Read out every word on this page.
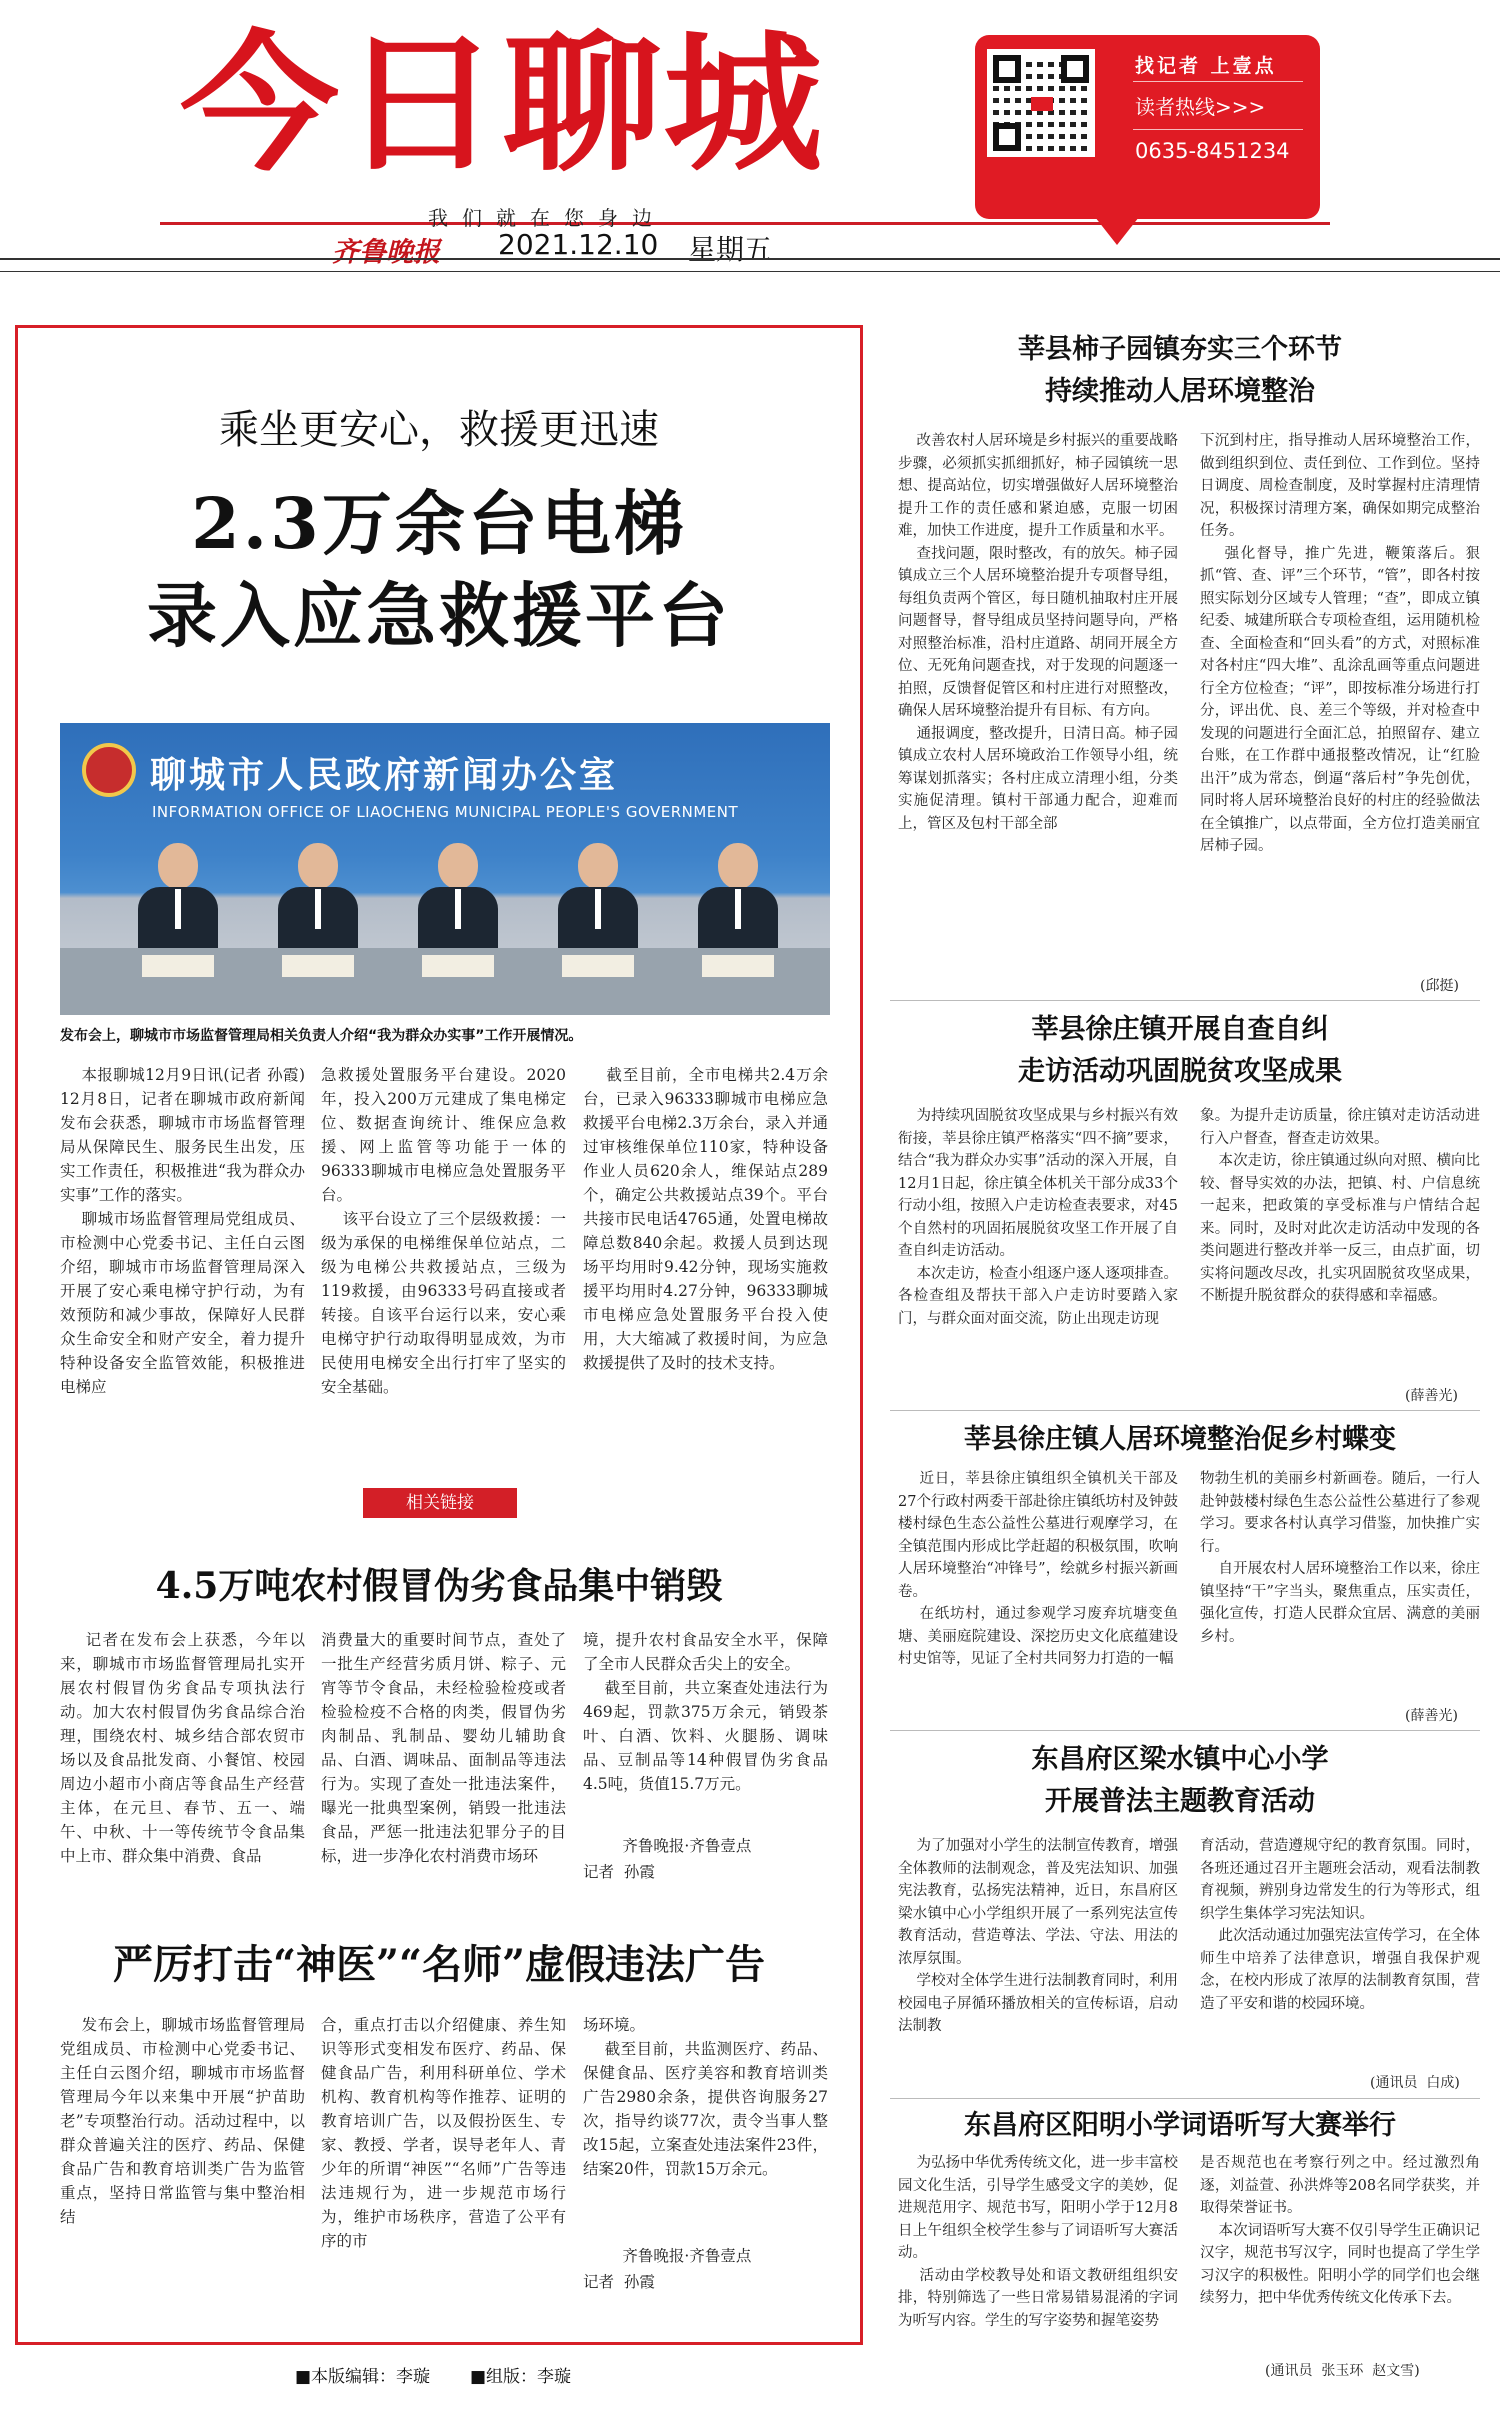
今日聊城
我们就在您身边
齐鲁晚报 2021.12.10 星期五
找记者 上壹点
读者热线>>>
0635-8451234
乘坐更安心，救援更迅速
2.3万余台电梯
录入应急救援平台
聊城市人民政府新闻办公室
INFORMATION OFFICE OF LIAOCHENG MUNICIPAL PEOPLE'S GOVERNMENT
发布会上，聊城市市场监督管理局相关负责人介绍“我为群众办实事”工作开展情况。
本报聊城12月9日讯(记者 孙霞) 12月8日，记者在聊城市政府新闻发布会获悉，聊城市市场监督管理局从保障民生、服务民生出发，压实工作责任，积极推进“我为群众办实事”工作的落实。
聊城市场监督管理局党组成员、市检测中心党委书记、主任白云图介绍，聊城市市场监督管理局深入开展了安心乘电梯守护行动，为有效预防和减少事故，保障好人民群众生命安全和财产安全，着力提升特种设备安全监管效能，积极推进电梯应
急救援处置服务平台建设。2020年，投入200万元建成了集电梯定位、数据查询统计、维保应急救援、网上监管等功能于一体的96333聊城市电梯应急处置服务平台。
该平台设立了三个层级救援：一级为承保的电梯维保单位站点，二级为电梯公共救援站点，三级为119救援，由96333号码直接或者转接。自该平台运行以来，安心乘电梯守护行动取得明显成效，为市民使用电梯安全出行打牢了坚实的安全基础。
截至目前，全市电梯共2.4万余台，已录入96333聊城市电梯应急救援平台电梯2.3万余台，录入并通过审核维保单位110家，特种设备作业人员620余人，维保站点289个，确定公共救援站点39个。平台共接市民电话4765通，处置电梯故障总数840余起。救援人员到达现场平均用时9.42分钟，现场实施救援平均用时4.27分钟，96333聊城市电梯应急处置服务平台投入使用，大大缩减了救援时间，为应急救援提供了及时的技术支持。
相关链接
4.5万吨农村假冒伪劣食品集中销毁
记者在发布会上获悉，今年以来，聊城市市场监督管理局扎实开展农村假冒伪劣食品专项执法行动。加大农村假冒伪劣食品综合治理，围绕农村、城乡结合部农贸市场以及食品批发商、小餐馆、校园周边小超市小商店等食品生产经营主体，在元旦、春节、五一、端午、中秋、十一等传统节令食品集中上市、群众集中消费、食品
消费量大的重要时间节点，查处了一批生产经营劣质月饼、粽子、元宵等节令食品，未经检验检疫或者检验检疫不合格的肉类，假冒伪劣肉制品、乳制品、婴幼儿辅助食品、白酒、调味品、面制品等违法行为。实现了查处一批违法案件，曝光一批典型案例，销毁一批违法食品，严惩一批违法犯罪分子的目标，进一步净化农村消费市场环
境，提升农村食品安全水平，保障了全市人民群众舌尖上的安全。
截至目前，共立案查处违法行为469起，罚款375万余元，销毁茶叶、白酒、饮料、火腿肠、调味品、豆制品等14种假冒伪劣食品4.5吨，货值15.7万元。
齐鲁晚报·齐鲁壹点
记者  孙霞
严厉打击“神医”“名师”虚假违法广告
发布会上，聊城市场监督管理局党组成员、市检测中心党委书记、主任白云图介绍，聊城市市场监督管理局今年以来集中开展“护苗助老”专项整治行动。活动过程中，以群众普遍关注的医疗、药品、保健食品广告和教育培训类广告为监管重点，坚持日常监管与集中整治相结
合，重点打击以介绍健康、养生知识等形式变相发布医疗、药品、保健食品广告，利用科研单位、学术机构、教育机构等作推荐、证明的教育培训广告，以及假扮医生、专家、教授、学者，误导老年人、青少年的所谓“神医”“名师”广告等违法违规行为，进一步规范市场行为，维护市场秩序，营造了公平有序的市
场环境。
截至目前，共监测医疗、药品、保健食品、医疗美容和教育培训类广告2980余条，提供咨询服务27次，指导约谈77次，责令当事人整改15起，立案查处违法案件23件，结案20件，罚款15万余元。
齐鲁晚报·齐鲁壹点
记者  孙霞
莘县柿子园镇夯实三个环节
持续推动人居环境整治
改善农村人居环境是乡村振兴的重要战略步骤，必须抓实抓细抓好，柿子园镇统一思想、提高站位，切实增强做好人居环境整治提升工作的责任感和紧迫感，克服一切困难，加快工作进度，提升工作质量和水平。
查找问题，限时整改，有的放矢。柿子园镇成立三个人居环境整治提升专项督导组，每组负责两个管区，每日随机抽取村庄开展问题督导，督导组成员坚持问题导向，严格对照整治标准，沿村庄道路、胡同开展全方位、无死角问题查找，对于发现的问题逐一拍照，反馈督促管区和村庄进行对照整改，确保人居环境整治提升有目标、有方向。
通报调度，整改提升，日清日高。柿子园镇成立农村人居环境政治工作领导小组，统筹谋划抓落实；各村庄成立清理小组，分类实施促清理。镇村干部通力配合，迎难而上，管区及包村干部全部
下沉到村庄，指导推动人居环境整治工作，做到组织到位、责任到位、工作到位。坚持日调度、周检查制度，及时掌握村庄清理情况，积极探讨清理方案，确保如期完成整治任务。
强化督导，推广先进，鞭策落后。狠抓“管、查、评”三个环节，“管”，即各村按照实际划分区域专人管理；“查”，即成立镇纪委、城建所联合专项检查组，运用随机检查、全面检查和“回头看”的方式，对照标准对各村庄“四大堆”、乱涂乱画等重点问题进行全方位检查；“评”，即按标准分场进行打分，评出优、良、差三个等级，并对检查中发现的问题进行全面汇总，拍照留存、建立台账，在工作群中通报整改情况，让“红脸出汗”成为常态，倒逼“落后村”争先创优，同时将人居环境整治良好的村庄的经验做法在全镇推广，以点带面，全方位打造美丽宜居柿子园。
(邱挺)
莘县徐庄镇开展自查自纠
走访活动巩固脱贫攻坚成果
为持续巩固脱贫攻坚成果与乡村振兴有效衔接，莘县徐庄镇严格落实“四不摘”要求，结合“我为群众办实事”活动的深入开展，自12月1日起，徐庄镇全体机关干部分成33个行动小组，按照入户走访检查表要求，对45个自然村的巩固拓展脱贫攻坚工作开展了自查自纠走访活动。
本次走访，检查小组逐户逐人逐项排查。各检查组及帮扶干部入户走访时要踏入家门，与群众面对面交流，防止出现走访现
象。为提升走访质量，徐庄镇对走访活动进行入户督查，督查走访效果。
本次走访，徐庄镇通过纵向对照、横向比较、督导实效的办法，把镇、村、户信息统一起来，把政策的享受标准与户情结合起来。同时，及时对此次走访活动中发现的各类问题进行整改并举一反三，由点扩面，切实将问题改尽改，扎实巩固脱贫攻坚成果，不断提升脱贫群众的获得感和幸福感。
(薛善光)
莘县徐庄镇人居环境整治促乡村蝶变
近日，莘县徐庄镇组织全镇机关干部及27个行政村两委干部赴徐庄镇纸坊村及钟鼓楼村绿色生态公益性公墓进行观摩学习，在全镇范围内形成比学赶超的积极氛围，吹响人居环境整治“冲锋号”，绘就乡村振兴新画卷。
在纸坊村，通过参观学习废弃坑塘变鱼塘、美丽庭院建设、深挖历史文化底蕴建设村史馆等，见证了全村共同努力打造的一幅
物勃生机的美丽乡村新画卷。随后，一行人赴钟鼓楼村绿色生态公益性公墓进行了参观学习。要求各村认真学习借鉴，加快推广实行。
自开展农村人居环境整治工作以来，徐庄镇坚持“干”字当头，聚焦重点，压实责任，强化宣传，打造人民群众宜居、满意的美丽乡村。
(薛善光)
东昌府区梁水镇中心小学
开展普法主题教育活动
为了加强对小学生的法制宣传教育，增强全体教师的法制观念，普及宪法知识、加强宪法教育，弘扬宪法精神，近日，东昌府区梁水镇中心小学组织开展了一系列宪法宣传教育活动，营造尊法、学法、守法、用法的浓厚氛围。
学校对全体学生进行法制教育同时，利用校园电子屏循环播放相关的宣传标语，启动法制教
育活动，营造遵规守纪的教育氛围。同时，各班还通过召开主题班会活动，观看法制教育视频，辨别身边常发生的行为等形式，组织学生集体学习宪法知识。
此次活动通过加强宪法宣传学习，在全体师生中培养了法律意识，增强自我保护观念，在校内形成了浓厚的法制教育氛围，营造了平安和谐的校园环境。
(通讯员  白成)
东昌府区阳明小学词语听写大赛举行
为弘扬中华优秀传统文化，进一步丰富校园文化生活，引导学生感受文字的美妙，促进规范用字、规范书写，阳明小学于12月8日上午组织全校学生参与了词语听写大赛活动。
活动由学校教导处和语文教研组组织安排，特别筛选了一些日常易错易混淆的字词为听写内容。学生的写字姿势和握笔姿势
是否规范也在考察行列之中。经过激烈角逐，刘益萱、孙洪烨等208名同学获奖，并取得荣誉证书。
本次词语听写大赛不仅引导学生正确识记汉字，规范书写汉字，同时也提高了学生学习汉字的积极性。阳明小学的同学们也会继续努力，把中华优秀传统文化传承下去。
(通讯员  张玉环  赵文雪)
■本版编辑：李璇 ■组版：李璇
